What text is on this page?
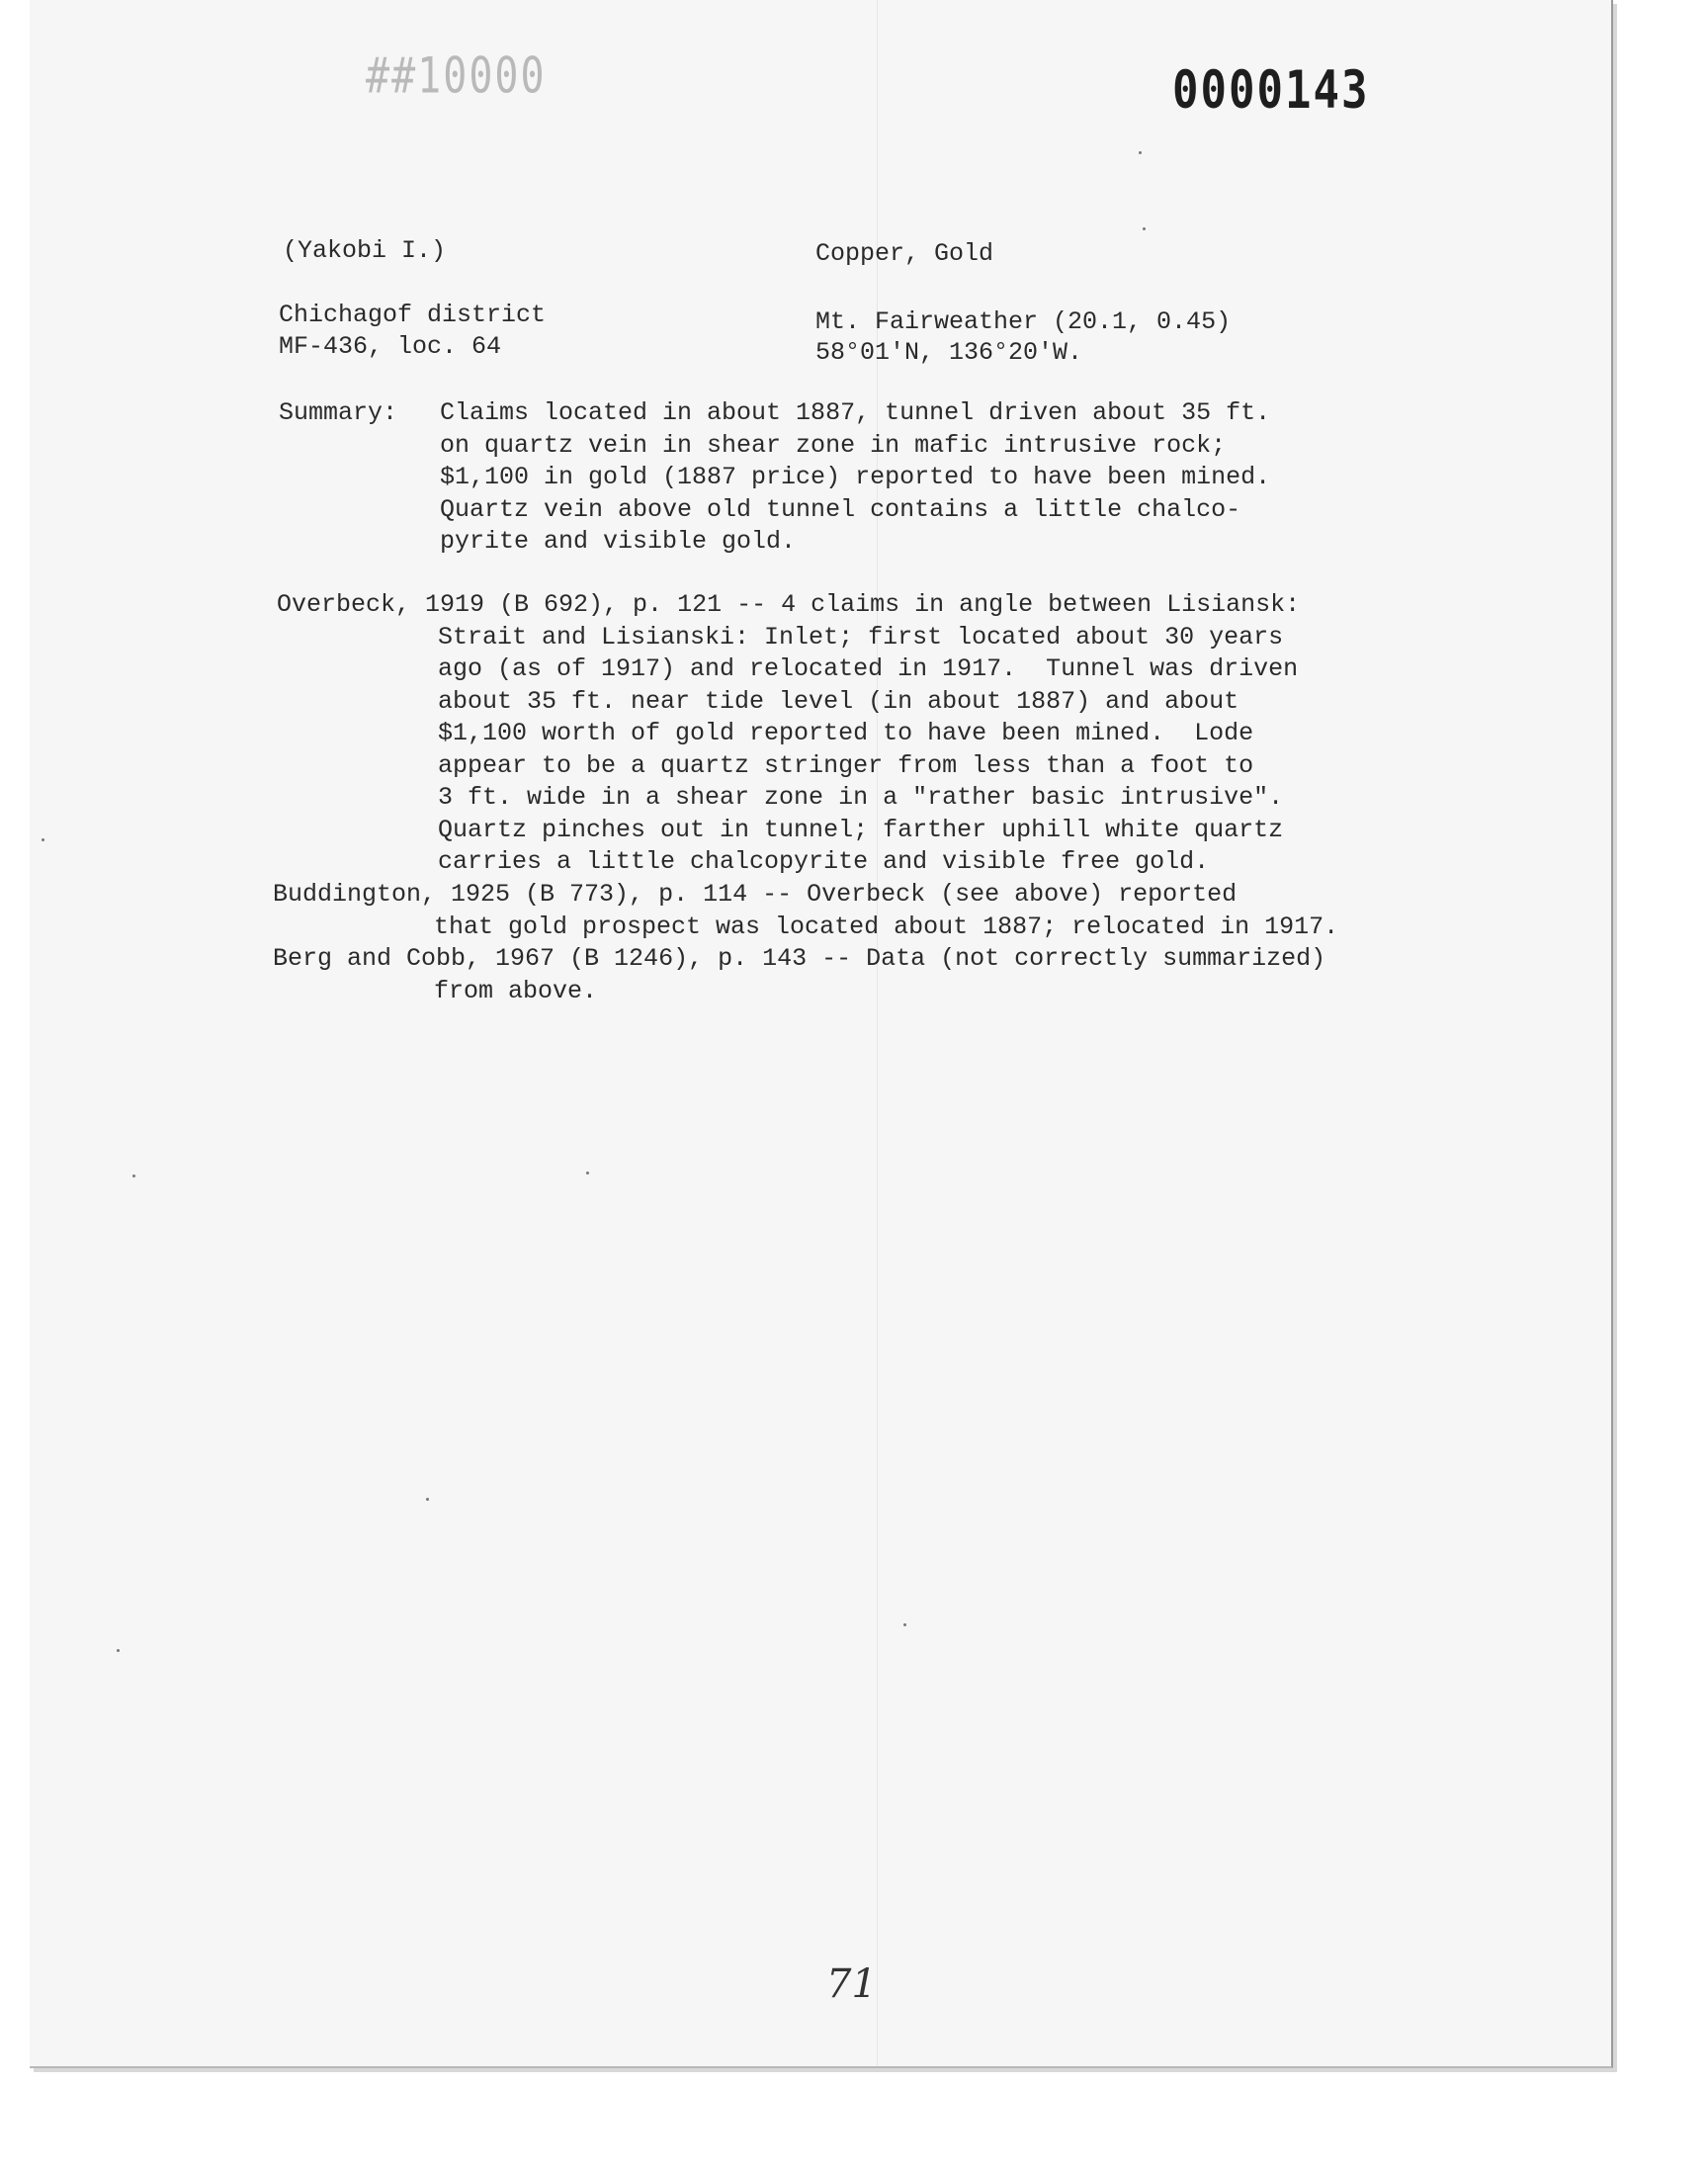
##10000	0000143
(Yakobi I.)	Copper, Gold
Chichagof district
MF-436, loc. 64
Mt. Fairweather (20.1, 0.45)
58°01'N, 136°20'W.
Summary: Claims located in about 1887, tunnel driven about 35 ft.
on quartz vein in shear zone in mafic intrusive rock;
$1,100 in gold (1887 price) reported to have been mined.
Quartz vein above old tunnel contains a little chalco-
pyrite and visible gold.
Overbeck, 1919 (B 692), p. 121 -- 4 claims in angle between Lisiansk:
Strait and Lisianski: Inlet; first located about 30 years
ago (as of 1917) and relocated in 1917.  Tunnel was driven
about 35 ft. near tide level (in about 1887) and about
$1,100 worth of gold reported to have been mined.  Lode
appear to be a quartz stringer from less than a foot to
3 ft. wide in a shear zone in a "rather basic intrusive".
Quartz pinches out in tunnel; farther uphill white quartz
carries a little chalcopyrite and visible free gold.
Buddington, 1925 (B 773), p. 114 -- Overbeck (see above) reported
that gold prospect was located about 1887; relocated in 1917.
Berg and Cobb, 1967 (B 1246), p. 143 -- Data (not correctly summarized)
from above.
71
